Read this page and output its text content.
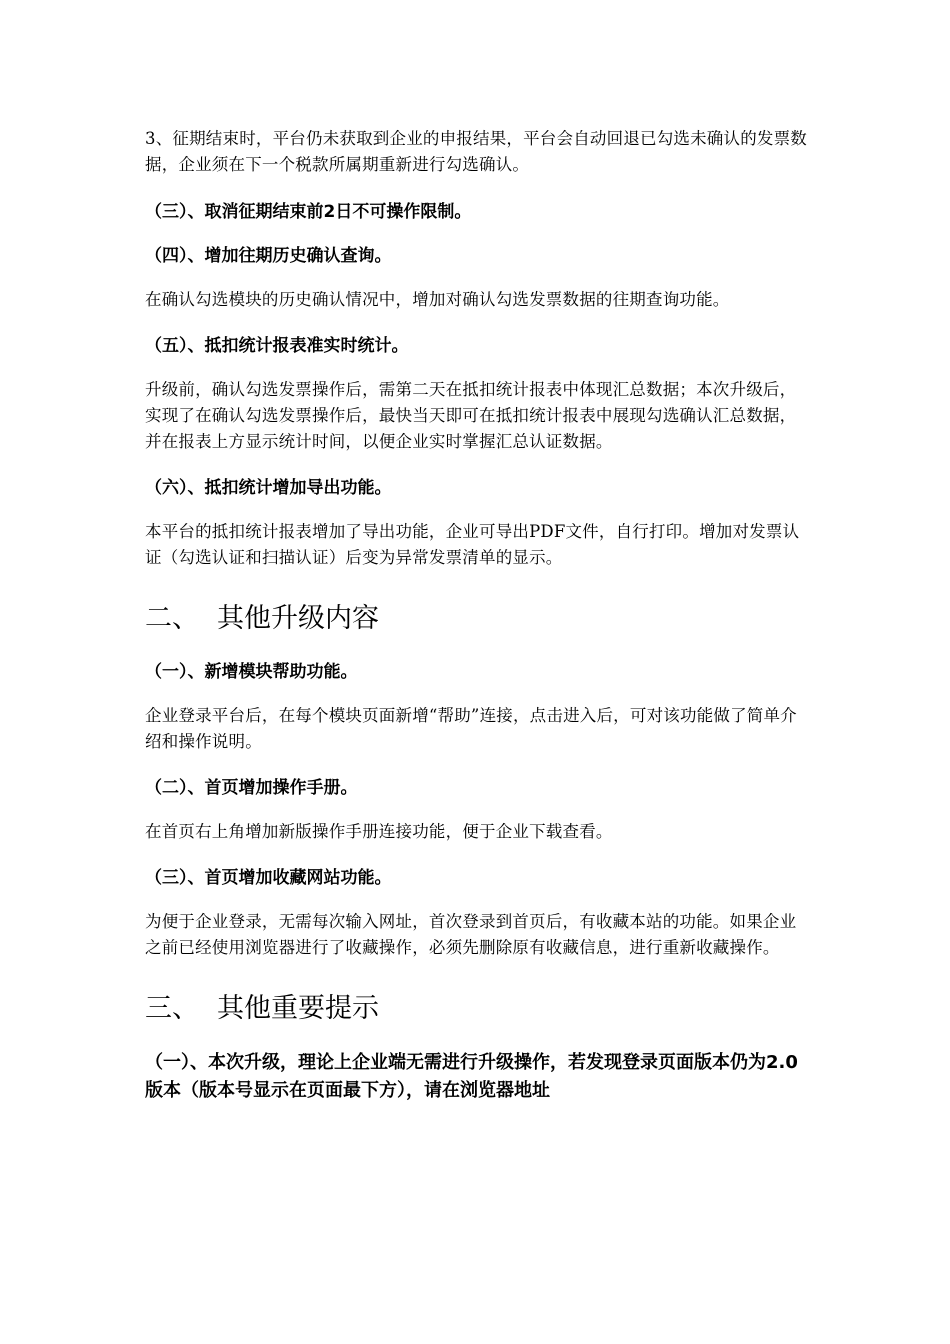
3、征期结束时，平台仍未获取到企业的申报结果，平台会自动回退已勾选未确认的发票数据，企业须在下一个税款所属期重新进行勾选确认。

（三）、取消征期结束前2日不可操作限制。

（四）、增加往期历史确认查询。

在确认勾选模块的历史确认情况中，增加对确认勾选发票数据的往期查询功能。

（五）、抵扣统计报表准实时统计。

升级前，确认勾选发票操作后，需第二天在抵扣统计报表中体现汇总数据；本次升级后，实现了在确认勾选发票操作后，最快当天即可在抵扣统计报表中展现勾选确认汇总数据，并在报表上方显示统计时间，以便企业实时掌握汇总认证数据。

（六）、抵扣统计增加导出功能。

本平台的抵扣统计报表增加了导出功能，企业可导出PDF文件，自行打印。增加对发票认证（勾选认证和扫描认证）后变为异常发票清单的显示。

二、 其他升级内容

（一）、新增模块帮助功能。

企业登录平台后，在每个模块页面新增“帮助”连接，点击进入后，可对该功能做了简单介绍和操作说明。

（二）、首页增加操作手册。

在首页右上角增加新版操作手册连接功能，便于企业下载查看。

（三）、首页增加收藏网站功能。

为便于企业登录，无需每次输入网址，首次登录到首页后，有收藏本站的功能。如果企业之前已经使用浏览器进行了收藏操作，必须先删除原有收藏信息，进行重新收藏操作。

三、 其他重要提示

（一）、本次升级，理论上企业端无需进行升级操作，若发现登录页面版本仍为2.0版本（版本号显示在页面最下方），请在浏览器地址
